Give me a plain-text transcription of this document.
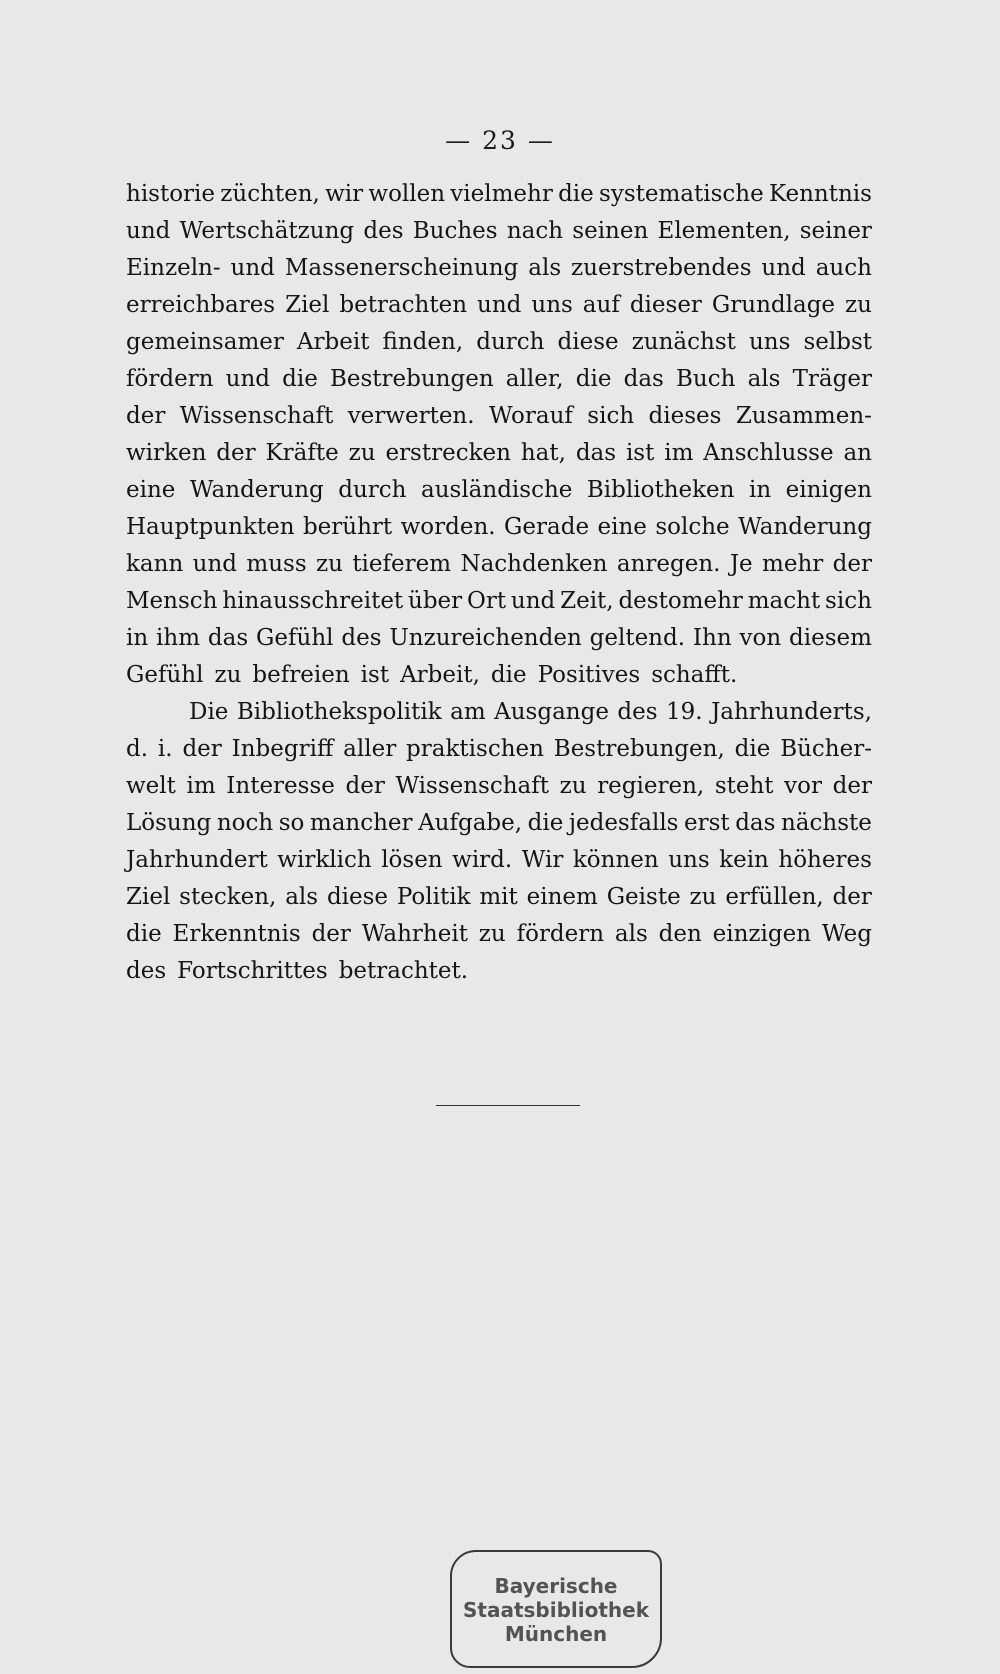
— 23 —
historie züchten, wir wollen vielmehr die systematische Kenntnis
und Wertschätzung des Buches nach seinen Elementen, seiner
Einzeln- und Massenerscheinung als zuerstrebendes und auch
erreichbares Ziel betrachten und uns auf dieser Grundlage zu
gemeinsamer Arbeit finden, durch diese zunächst uns selbst
fördern und die Bestrebungen aller, die das Buch als Träger
der Wissenschaft verwerten. Worauf sich dieses Zusammen-
wirken der Kräfte zu erstrecken hat, das ist im Anschlusse an
eine Wanderung durch ausländische Bibliotheken in einigen
Hauptpunkten berührt worden. Gerade eine solche Wanderung
kann und muss zu tieferem Nachdenken anregen. Je mehr der
Mensch hinausschreitet über Ort und Zeit, destomehr macht sich
in ihm das Gefühl des Unzureichenden geltend. Ihn von diesem
Gefühl zu befreien ist Arbeit, die Positives schafft.
Die Bibliothekspolitik am Ausgange des 19. Jahrhunderts,
d. i. der Inbegriff aller praktischen Bestrebungen, die Bücher-
welt im Interesse der Wissenschaft zu regieren, steht vor der
Lösung noch so mancher Aufgabe, die jedesfalls erst das nächste
Jahrhundert wirklich lösen wird. Wir können uns kein höheres
Ziel stecken, als diese Politik mit einem Geiste zu erfüllen, der
die Erkenntnis der Wahrheit zu fördern als den einzigen Weg
des Fortschrittes betrachtet.
Bayerische
Staatsbibliothek
München
